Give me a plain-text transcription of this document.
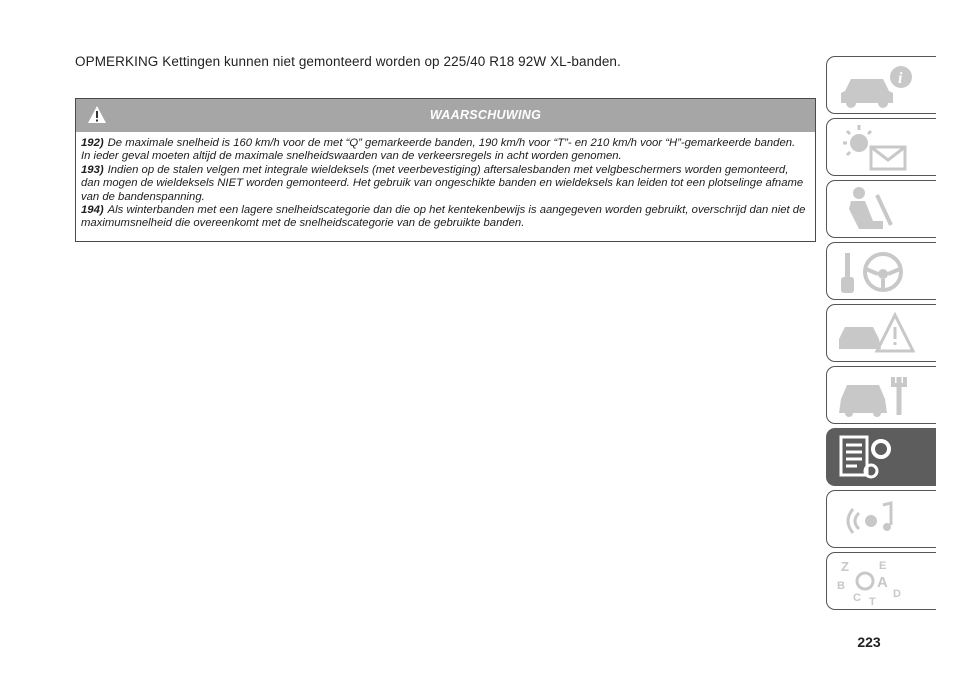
OPMERKING Kettingen kunnen niet gemonteerd worden op 225/40 R18 92W XL-banden.
WAARSCHUWING

192) De maximale snelheid is 160 km/h voor de met “Q” gemarkeerde banden, 190 km/h voor “T”- en 210 km/h voor “H”-gemarkeerde banden. In ieder geval moeten altijd de maximale snelheidswaarden van de verkeersregels in acht worden genomen.

193) Indien op de stalen velgen met integrale wieldeksels (met veerbevestiging) aftersalesbanden met velgbeschermers worden gemonteerd, dan mogen de wieldeksels NIET worden gemonteerd. Het gebruik van ongeschikte banden en wieldeksels kan leiden tot een plotselinge afname van de bandenspanning.

194) Als winterbanden met een lagere snelheidscategorie dan die op het kentekenbewijs is aangegeven worden gebruikt, overschrijd dan niet de maximumsnelheid die overeenkomt met de snelheidscategorie van de gebruikte banden.

i
Z	E
A
B
C	D
T
223
